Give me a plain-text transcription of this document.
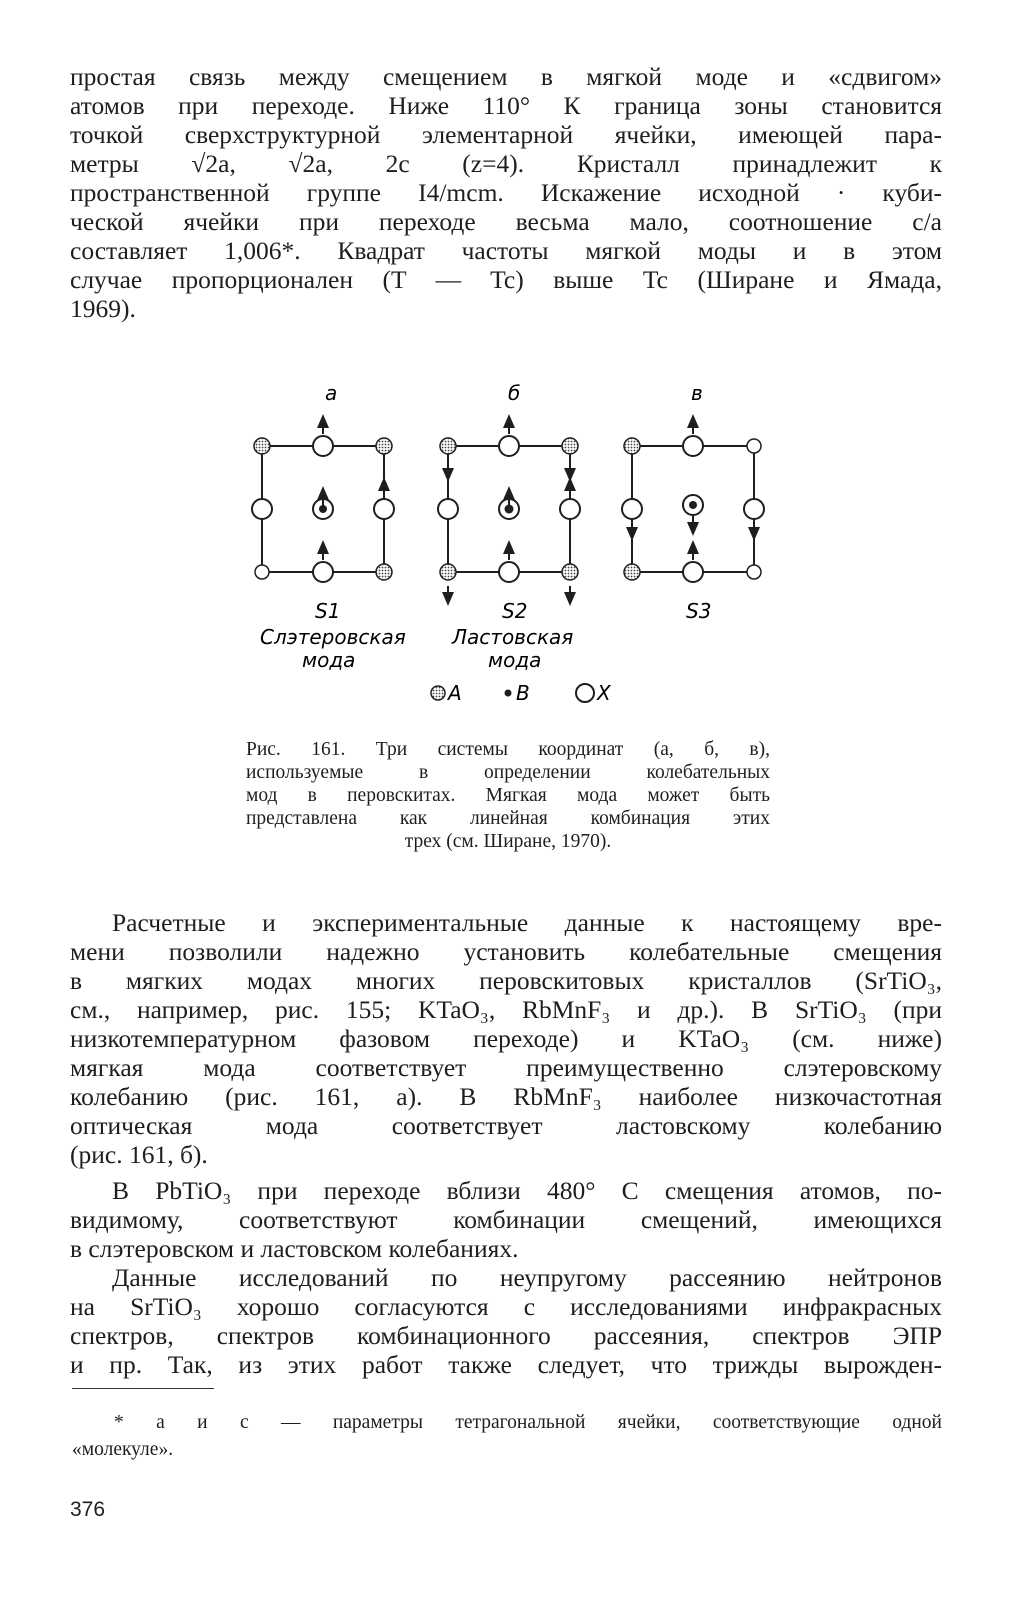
простая связь между смещением в мягкой моде и «сдвигом»
атомов при переходе. Ниже 110° К граница зоны становится
точкой сверхструктурной элементарной ячейки, имеющей пара-
метры √2a, √2a, 2c (z=4). Кристалл принадлежит к
пространственной группе I4/mcm. Искажение исходной · куби-
ческой ячейки при переходе весьма мало, соотношение c/a
составляет 1,006*. Квадрат частоты мягкой моды и в этом
случае пропорционален (T — Tc) выше Tc (Ширане и Ямада,
1969).
а	б	в
S1	S2	S3
Слэтеровская мода
Ластовская мода
A	B	X
Рис. 161. Три системы координат (а, б, в),
используемые в определении колебательных
мод в перовскитах. Мягкая мода может быть
представлена как линейная комбинация этих
трех (см. Ширане, 1970).
Расчетные и экспериментальные данные к настоящему вре-
мени позволили надежно установить колебательные смещения
в мягких модах многих перовскитовых кристаллов (SrTiO₃,
см., например, рис. 155; KTaO₃, RbMnF₃ и др.). В SrTiO₃ (при
низкотемпературном фазовом переходе) и KTaO₃ (см. ниже)
мягкая мода соответствует преимущественно слэтеровскому
колебанию (рис. 161, а). В RbMnF₃ наиболее низкочастотная
оптическая мода соответствует ластовскому колебанию
(рис. 161, б).
В PbTiO₃ при переходе вблизи 480° С смещения атомов, по-
видимому, соответствуют комбинации смещений, имеющихся
в слэтеровском и ластовском колебаниях.
Данные исследований по неупругому рассеянию нейтронов
на SrTiO₃ хорошо согласуются с исследованиями инфракрасных
спектров, спектров комбинационного рассеяния, спектров ЭПР
и пр. Так, из этих работ также следует, что трижды вырожден-
* а и с — параметры тетрагональной ячейки, соответствующие одной
«молекуле».
376
